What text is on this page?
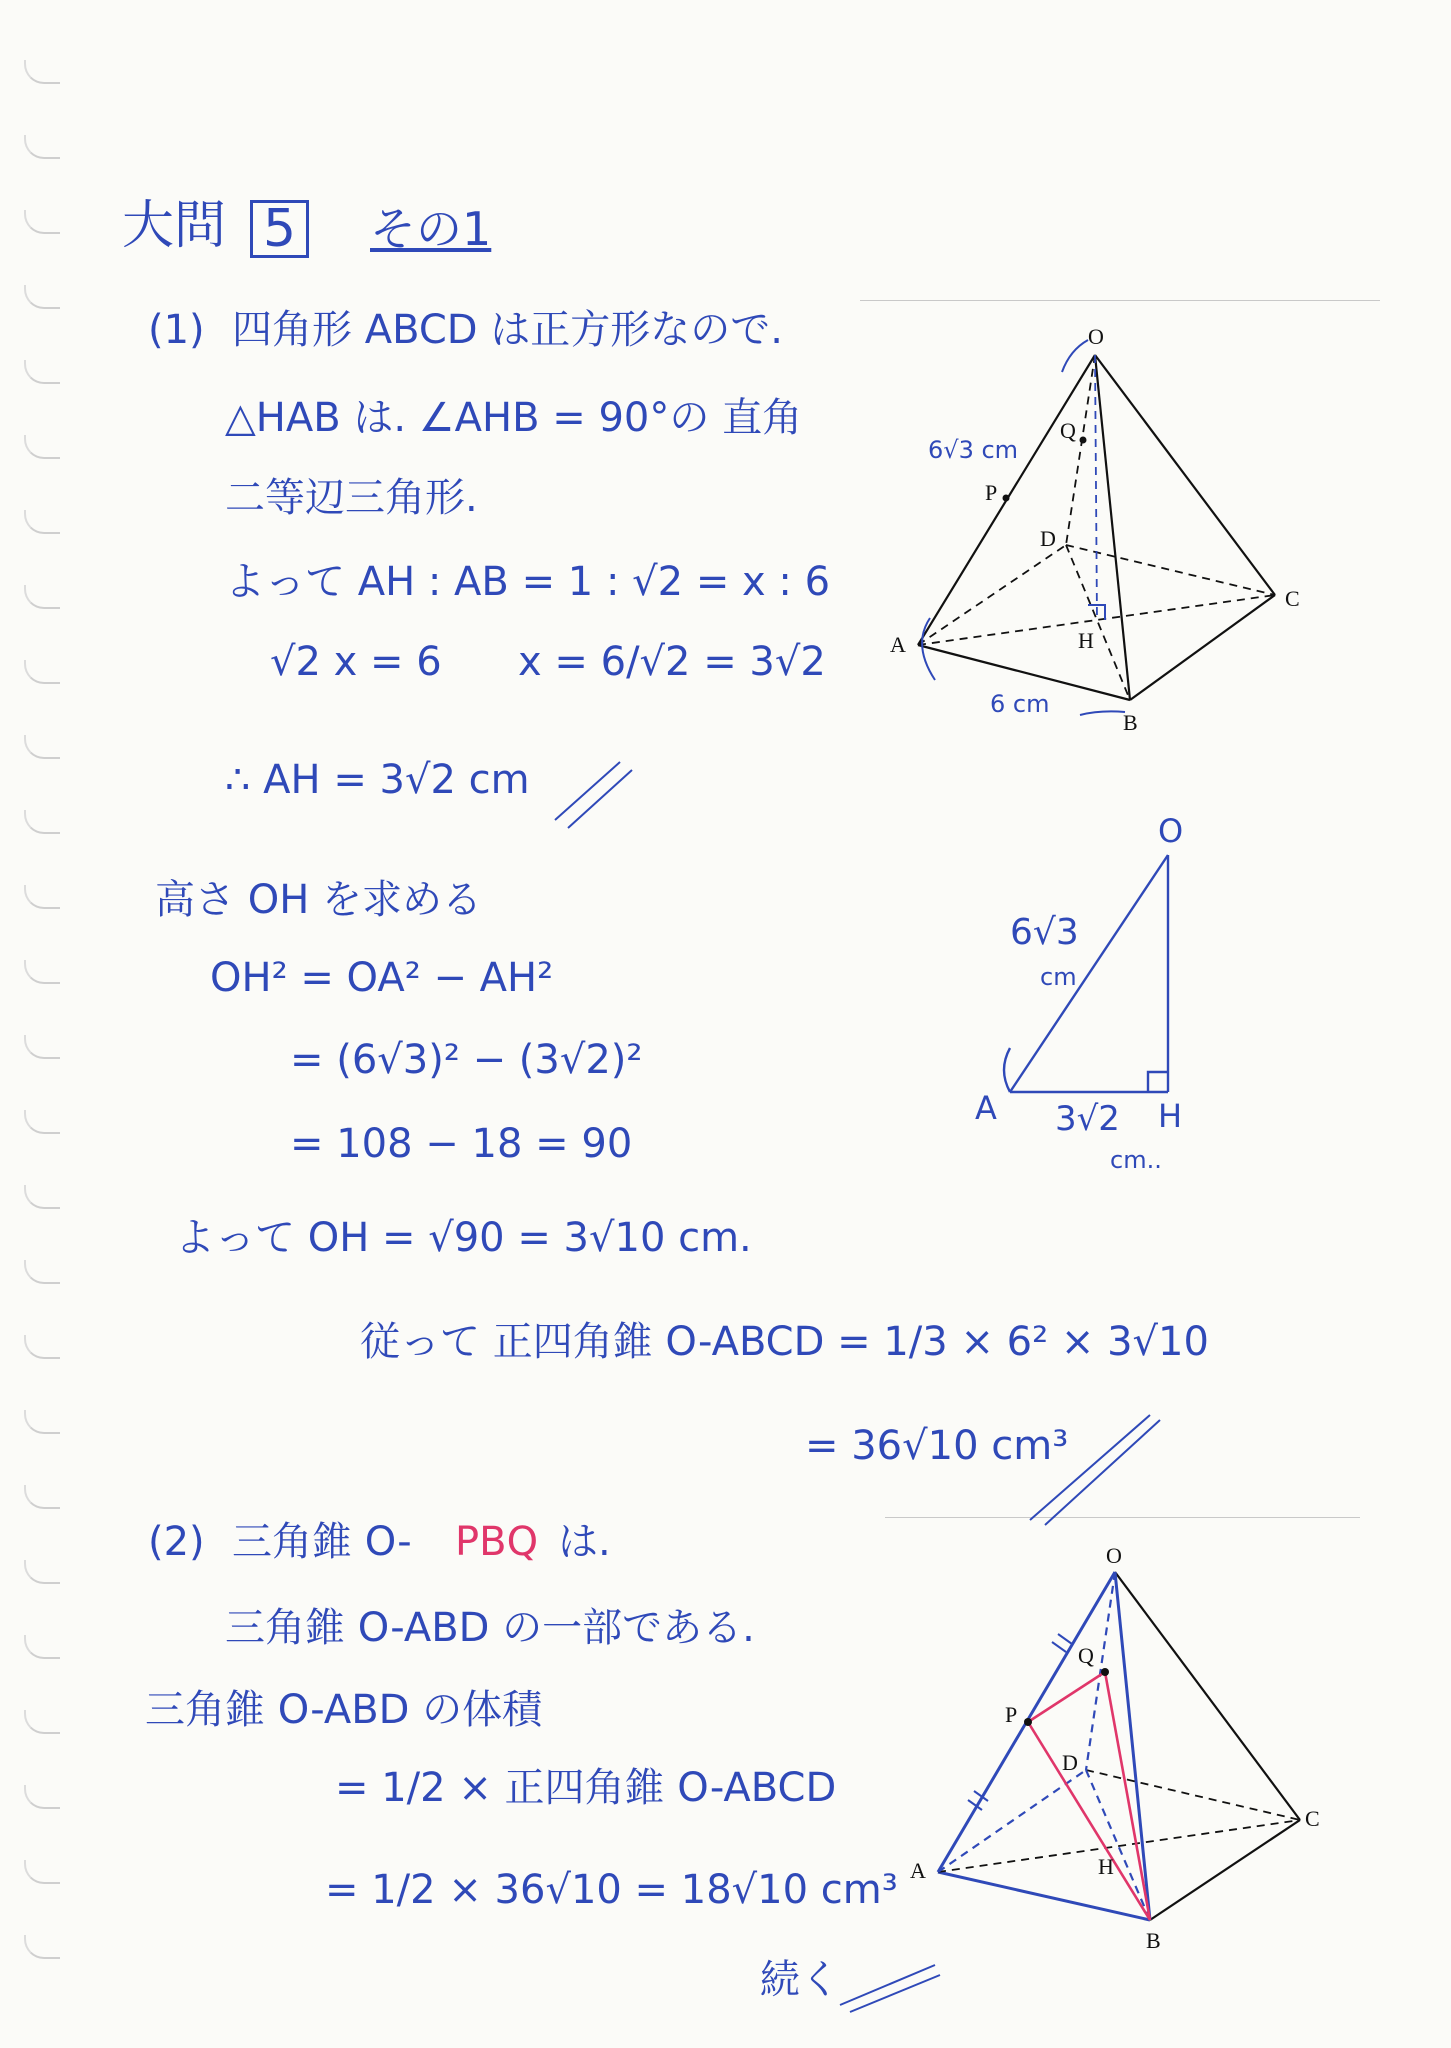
大問 5 その1
(1) 四角形 ABCD は正方形なので.
△HAB は. ∠AHB = 90°の 直角
二等辺三角形.
よって AH : AB = 1 : √2 = x : 6
√2 x = 6 x = 6/√2 = 3√2
∴ AH = 3√2 cm
高さ OH を求める
OH² = OA² − AH²
= (6√3)² − (3√2)²
= 108 − 18 = 90
よって OH = √90 = 3√10 cm.
従って 正四角錐 O-ABCD = 1/3 × 6² × 3√10
= 36√10 cm³
(2) 三角錐 O- PBQ は.
三角錐 O-ABD の一部である.
三角錐 O-ABD の体積
= 1/2 × 正四角錐 O-ABCD
= 1/2 × 36√10 = 18√10 cm³
続く
O
Q
P
D
C
A	H
B
6√3 cm
6 cm
O
A	H
6√3
cm
3√2
cm..
O
Q
P
D
C
A	H
B
